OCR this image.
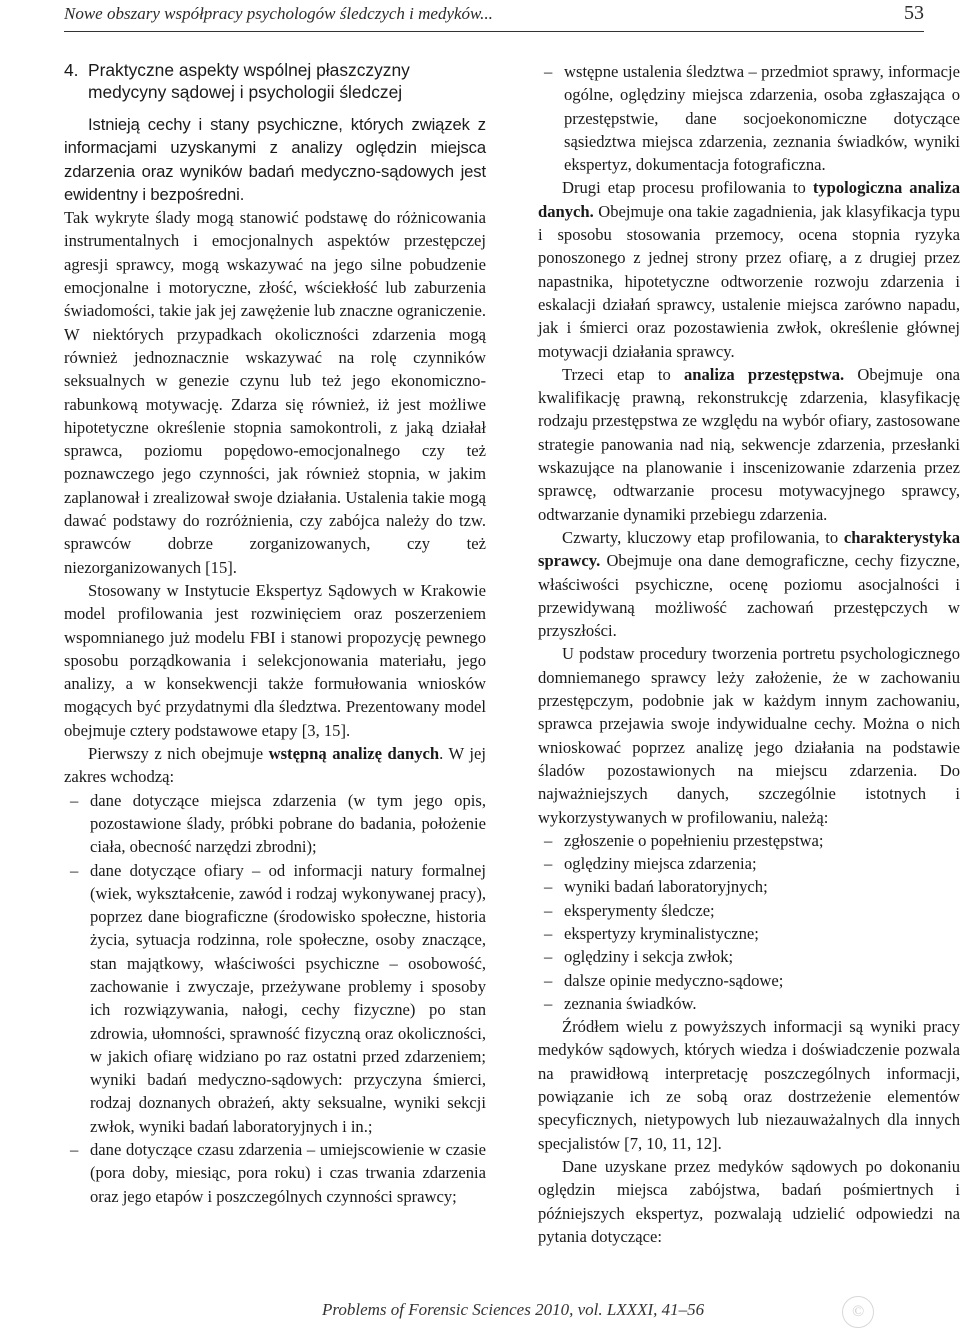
Nowe obszary współpracy psychologów śledczych i medyków...	53
4. Praktyczne aspekty wspólnej płaszczyzny medycyny sądowej i psychologii śledczej

Istnieją cechy i stany psychiczne, których związek z informacjami uzyskanymi z analizy oględzin miejsca zdarzenia oraz wyników badań medyczno-sądowych jest ewidentny i bezpośredni.

Tak wykryte ślady mogą stanowić podstawę do różnicowania instrumentalnych i emocjonalnych aspektów przestępczej agresji sprawcy, mogą wskazywać na jego silne pobudzenie emocjonalne i motoryczne, złość, wściekłość lub zaburzenia świadomości, takie jak jej zawężenie lub znaczne ograniczenie. W niektórych przypadkach okoliczności zdarzenia mogą również jednoznacznie wskazywać na rolę czynników seksualnych w genezie czynu lub też jego ekonomiczno-rabunkową motywację. Zdarza się również, iż jest możliwe hipotetyczne określenie stopnia samokontroli, z jaką działał sprawca, poziomu popędowo-emocjonalnego czy też poznawczego jego czynności, jak również stopnia, w jakim zaplanował i zrealizował swoje działania. Ustalenia takie mogą dawać podstawy do rozróżnienia, czy zabójca należy do tzw. sprawców dobrze zorganizowanych, czy też niezorganizowanych [15].

Stosowany w Instytucie Ekspertyz Sądowych w Krakowie model profilowania jest rozwinięciem oraz poszerzeniem wspomnianego już modelu FBI i stanowi propozycję pewnego sposobu porządkowania i selekcjonowania materiału, jego analizy, a w konsekwencji także formułowania wniosków mogących być przydatnymi dla śledztwa. Prezentowany model obejmuje cztery podstawowe etapy [3, 15].

Pierwszy z nich obejmuje wstępną analizę danych. W jej zakres wchodzą:

– dane dotyczące miejsca zdarzenia (w tym jego opis, pozostawione ślady, próbki pobrane do badania, położenie ciała, obecność narzędzi zbrodni);
– dane dotyczące ofiary – od informacji natury formalnej (wiek, wykształcenie, zawód i rodzaj wykonywanej pracy), poprzez dane biograficzne (środowisko społeczne, historia życia, sytuacja rodzinna, role społeczne, osoby znaczące, stan majątkowy, właściwości psychiczne – osobowość, zachowanie i zwyczaje, przeżywane problemy i sposoby ich rozwiązywania, nałogi, cechy fizyczne) po stan zdrowia, ułomności, sprawność fizyczną oraz okoliczności, w jakich ofiarę widziano po raz ostatni przed zdarzeniem; wyniki badań medyczno-sądowych: przyczyna śmierci, rodzaj doznanych obrażeń, akty seksualne, wyniki sekcji zwłok, wyniki badań laboratoryjnych i in.;
– dane dotyczące czasu zdarzenia – umiejscowienie w czasie (pora doby, miesiąc, pora roku) i czas trwania zdarzenia oraz jego etapów i poszczególnych czynności sprawcy;
– wstępne ustalenia śledztwa – przedmiot sprawy, informacje ogólne, oględziny miejsca zdarzenia, osoba zgłaszająca o przestępstwie, dane socjoekonomiczne dotyczące sąsiedztwa miejsca zdarzenia, zeznania świadków, wyniki ekspertyz, dokumentacja fotograficzna.

Drugi etap procesu profilowania to typologiczna analiza danych. Obejmuje ona takie zagadnienia, jak klasyfikacja typu i sposobu stosowania przemocy, ocena stopnia ryzyka ponoszonego z jednej strony przez ofiarę, a z drugiej przez napastnika, hipotetyczne odtworzenie rozwoju zdarzenia i eskalacji działań sprawcy, ustalenie miejsca zarówno napadu, jak i śmierci oraz pozostawienia zwłok, określenie głównej motywacji działania sprawcy.

Trzeci etap to analiza przestępstwa. Obejmuje ona kwalifikację prawną, rekonstrukcję zdarzenia, klasyfikację rodzaju przestępstwa ze względu na wybór ofiary, zastosowane strategie panowania nad nią, sekwencje zdarzenia, przesłanki wskazujące na planowanie i inscenizowanie zdarzenia przez sprawcę, odtwarzanie procesu motywacyjnego sprawcy, odtwarzanie dynamiki przebiegu zdarzenia.

Czwarty, kluczowy etap profilowania, to charakterystyka sprawcy. Obejmuje ona dane demograficzne, cechy fizyczne, właściwości psychiczne, ocenę poziomu asocjalności i przewidywaną możliwość zachowań przestępczych w przyszłości.

U podstaw procedury tworzenia portretu psychologicznego domniemanego sprawcy leży założenie, że w zachowaniu przestępczym, podobnie jak w każdym innym zachowaniu, sprawca przejawia swoje indywidualne cechy. Można o nich wnioskować poprzez analizę jego działania na podstawie śladów pozostawionych na miejscu zdarzenia. Do najważniejszych danych, szczególnie istotnych i wykorzystywanych w profilowaniu, należą:

– zgłoszenie o popełnieniu przestępstwa;
– oględziny miejsca zdarzenia;
– wyniki badań laboratoryjnych;
– eksperymenty śledcze;
– ekspertyzy kryminalistyczne;
– oględziny i sekcja zwłok;
– dalsze opinie medyczno-sądowe;
– zeznania świadków.

Źródłem wielu z powyższych informacji są wyniki pracy medyków sądowych, których wiedza i doświadczenie pozwala na prawidłową interpretację poszczególnych informacji, powiązanie ich ze sobą oraz dostrzeżenie elementów specyficznych, nietypowych lub niezauważalnych dla innych specjalistów [7, 10, 11, 12].

Dane uzyskane przez medyków sądowych po dokonaniu oględzin miejsca zabójstwa, badań pośmiertnych i późniejszych ekspertyz, pozwalają udzielić odpowiedzi na pytania dotyczące:

Problems of Forensic Sciences 2010, vol. LXXXI, 41–56	©
